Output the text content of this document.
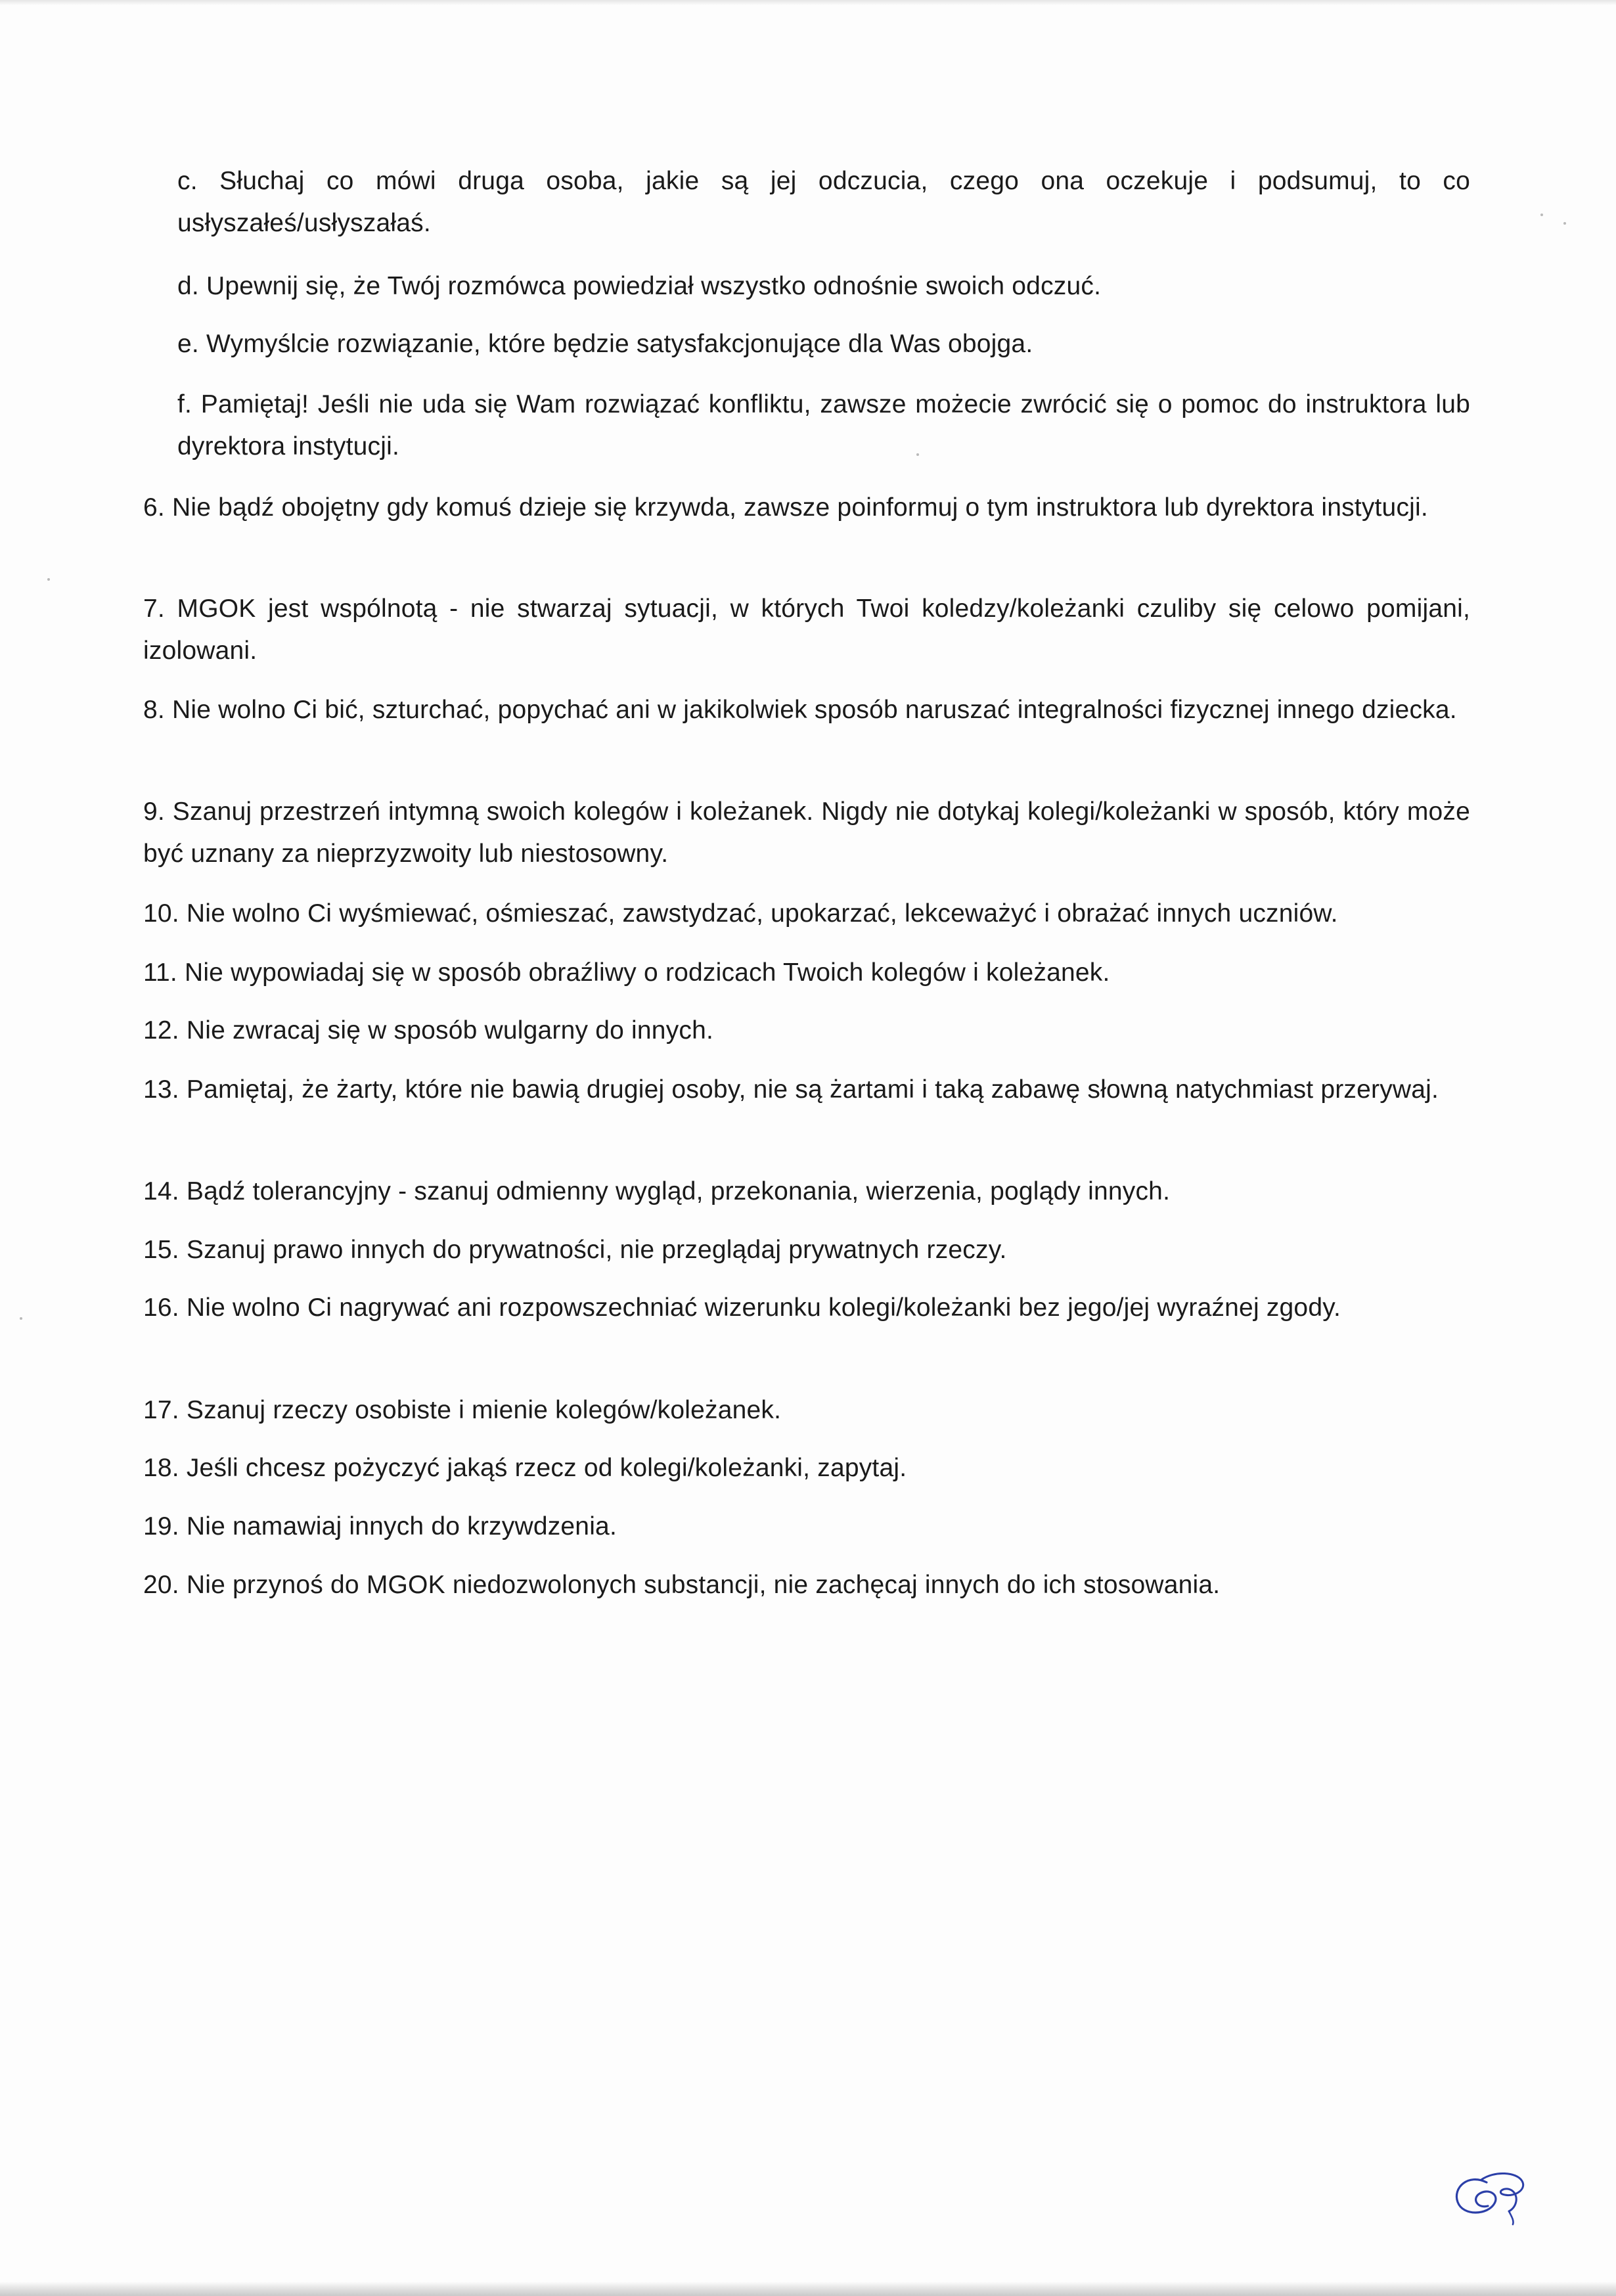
c. Słuchaj co mówi druga osoba, jakie są jej odczucia, czego ona oczekuje i podsumuj, to co usłyszałeś/usłyszałaś.

d. Upewnij się, że Twój rozmówca powiedział wszystko odnośnie swoich odczuć.

e. Wymyślcie rozwiązanie, które będzie satysfakcjonujące dla Was obojga.

f. Pamiętaj! Jeśli nie uda się Wam rozwiązać konfliktu, zawsze możecie zwrócić się o pomoc do instruktora lub dyrektora instytucji.

6. Nie bądź obojętny gdy komuś dzieje się krzywda, zawsze poinformuj o tym instruktora lub dyrektora instytucji.

7. MGOK jest wspólnotą - nie stwarzaj sytuacji, w których Twoi koledzy/koleżanki czuliby się celowo pomijani, izolowani.

8. Nie wolno Ci bić, szturchać, popychać ani w jakikolwiek sposób naruszać integralności fizycznej innego dziecka.

9. Szanuj przestrzeń intymną swoich kolegów i koleżanek. Nigdy nie dotykaj kolegi/koleżanki w sposób, który może być uznany za nieprzyzwoity lub niestosowny.

10. Nie wolno Ci wyśmiewać, ośmieszać, zawstydzać, upokarzać, lekceważyć i obrażać innych uczniów.

11. Nie wypowiadaj się w sposób obraźliwy o rodzicach Twoich kolegów i koleżanek.

12. Nie zwracaj się w sposób wulgarny do innych.

13. Pamiętaj, że żarty, które nie bawią drugiej osoby, nie są żartami i taką zabawę słowną natychmiast przerywaj.

14. Bądź tolerancyjny - szanuj odmienny wygląd, przekonania, wierzenia, poglądy innych.

15. Szanuj prawo innych do prywatności, nie przeglądaj prywatnych rzeczy.

16. Nie wolno Ci nagrywać ani rozpowszechniać wizerunku kolegi/koleżanki bez jego/jej wyraźnej zgody.

17. Szanuj rzeczy osobiste i mienie kolegów/koleżanek.

18. Jeśli chcesz pożyczyć jakąś rzecz od kolegi/koleżanki, zapytaj.

19. Nie namawiaj innych do krzywdzenia.

20. Nie przynoś do MGOK niedozwolonych substancji, nie zachęcaj innych do ich stosowania.
